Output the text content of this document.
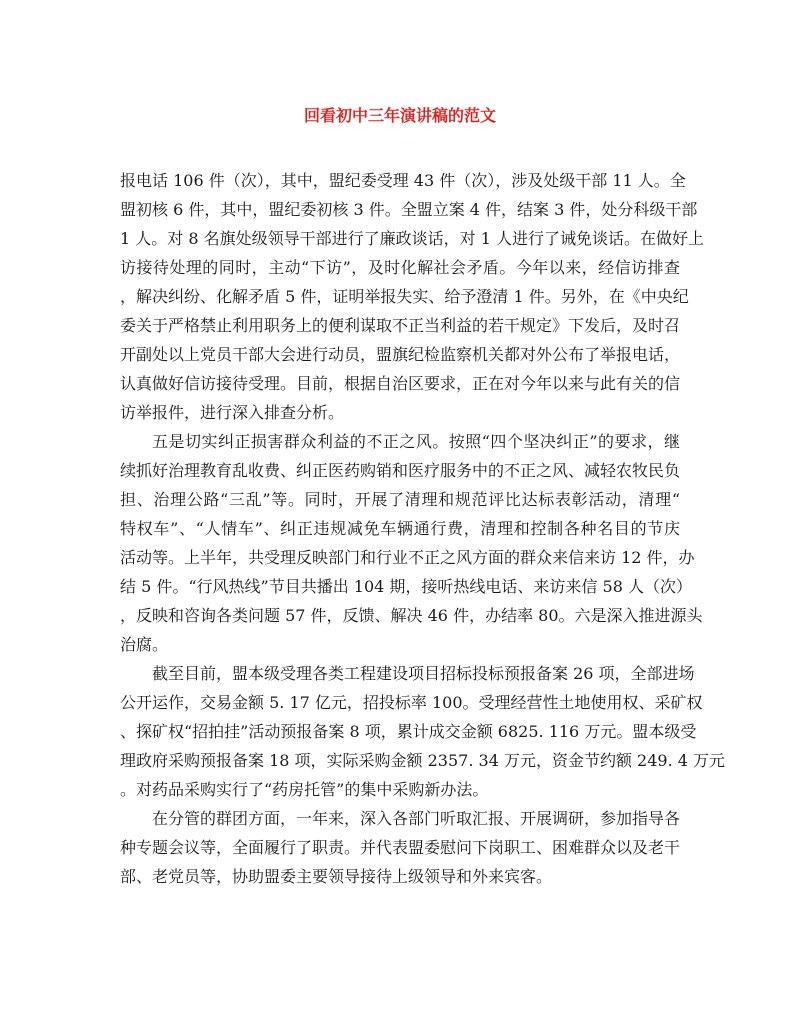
回看初中三年演讲稿的范文
报电话 106 件（次），其中，盟纪委受理 43 件（次），涉及处级干部 11 人。全
盟初核 6 件，其中，盟纪委初核 3 件。全盟立案 4 件，结案 3 件，处分科级干部
1 人。对 8 名旗处级领导干部进行了廉政谈话，对 1 人进行了诫免谈话。在做好上
访接待处理的同时，主动“下访”，及时化解社会矛盾。今年以来，经信访排查
，解决纠纷、化解矛盾 5 件，证明举报失实、给予澄清 1 件。另外，在《中央纪
委关于严格禁止利用职务上的便利谋取不正当利益的若干规定》下发后，及时召
开副处以上党员干部大会进行动员，盟旗纪检监察机关都对外公布了举报电话，
认真做好信访接待受理。目前，根据自治区要求，正在对今年以来与此有关的信
访举报件，进行深入排查分析。
五是切实纠正损害群众利益的不正之风。按照“四个坚决纠正”的要求，继
续抓好治理教育乱收费、纠正医药购销和医疗服务中的不正之风、减轻农牧民负
担、治理公路“三乱”等。同时，开展了清理和规范评比达标表彰活动，清理“
特权车”、“人情车”、纠正违规减免车辆通行费，清理和控制各种名目的节庆
活动等。上半年，共受理反映部门和行业不正之风方面的群众来信来访 12 件，办
结 5 件。“行风热线”节目共播出 104 期，接听热线电话、来访来信 58 人（次）
，反映和咨询各类问题 57 件，反馈、解决 46 件，办结率 80。六是深入推进源头
治腐。
截至目前，盟本级受理各类工程建设项目招标投标预报备案 26 项，全部进场
公开运作，交易金额 5. 17 亿元，招投标率 100。受理经营性土地使用权、采矿权
、探矿权“招拍挂”活动预报备案 8 项，累计成交金额 6825. 116 万元。盟本级受
理政府采购预报备案 18 项，实际采购金额 2357. 34 万元，资金节约额 249. 4 万元
。对药品采购实行了“药房托管”的集中采购新办法。
在分管的群团方面，一年来，深入各部门听取汇报、开展调研，参加指导各
种专题会议等，全面履行了职责。并代表盟委慰问下岗职工、困难群众以及老干
部、老党员等，协助盟委主要领导接待上级领导和外来宾客。
